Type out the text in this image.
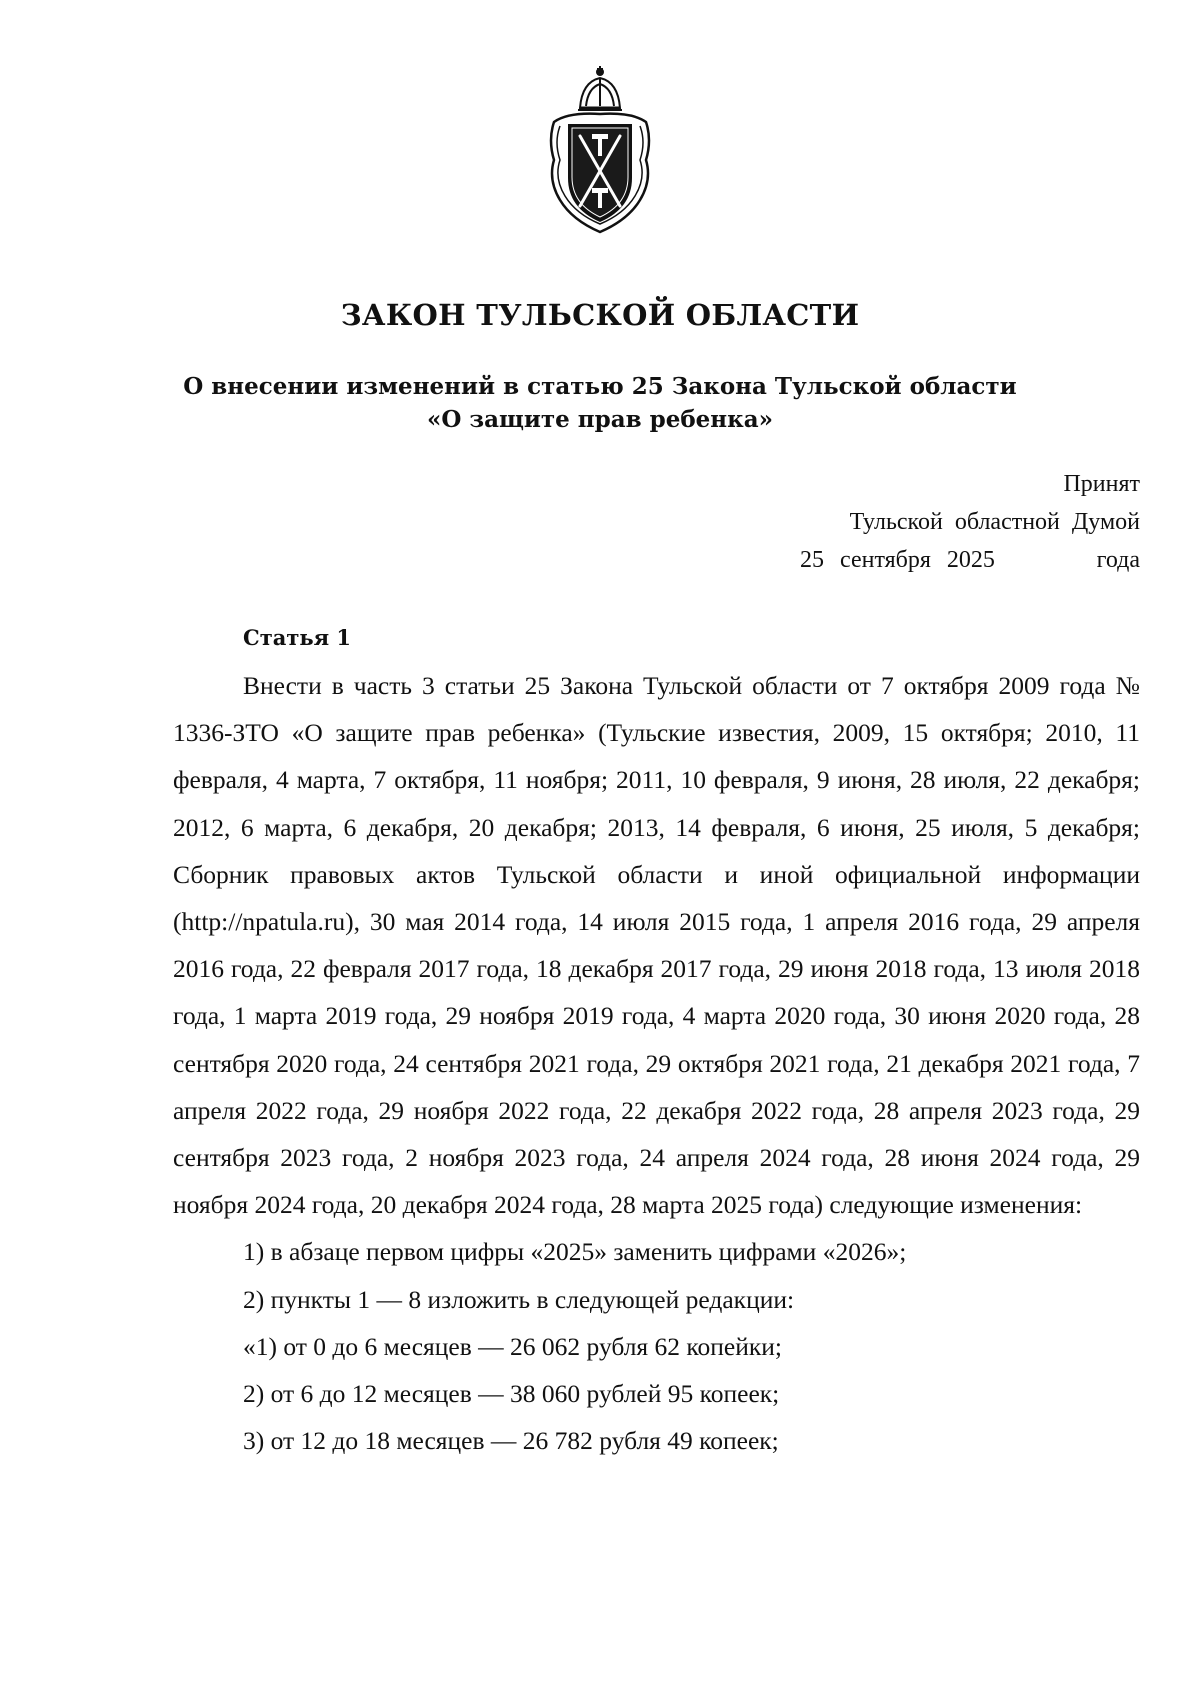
ЗАКОН ТУЛЬСКОЙ ОБЛАСТИ
О внесении изменений в статью 25 Закона Тульской области
«О защите прав ребенка»
Принят
Тульской областной Думой
25 сентября 2025	года
Статья 1

Внести в часть 3 статьи 25 Закона Тульской области от 7 октября 2009 года № 1336-ЗТО «О защите прав ребенка» (Тульские известия, 2009, 15 октября; 2010, 11 февраля, 4 марта, 7 октября, 11 ноября; 2011, 10 февраля, 9 июня, 28 июля, 22 декабря; 2012, 6 марта, 6 декабря, 20 декабря; 2013, 14 февраля, 6 июня, 25 июля, 5 декабря; Сборник правовых актов Тульской области и иной официальной информации (http://npatula.ru), 30 мая 2014 года, 14 июля 2015 года, 1 апреля 2016 года, 29 апреля 2016 года, 22 февраля 2017 года, 18 декабря 2017 года, 29 июня 2018 года, 13 июля 2018 года, 1 марта 2019 года, 29 ноября 2019 года, 4 марта 2020 года, 30 июня 2020 года, 28 сентября 2020 года, 24 сентября 2021 года, 29 октября 2021 года, 21 декабря 2021 года, 7 апреля 2022 года, 29 ноября 2022 года, 22 декабря 2022 года, 28 апреля 2023 года, 29 сентября 2023 года, 2 ноября 2023 года, 24 апреля 2024 года, 28 июня 2024 года, 29 ноября 2024 года, 20 декабря 2024 года, 28 марта 2025 года) следующие изменения:

1) в абзаце первом цифры «2025» заменить цифрами «2026»;
2) пункты 1 — 8 изложить в следующей редакции:
«1) от 0 до 6 месяцев — 26 062 рубля 62 копейки;
2) от 6 до 12 месяцев — 38 060 рублей 95 копеек;
3) от 12 до 18 месяцев — 26 782 рубля 49 копеек;
